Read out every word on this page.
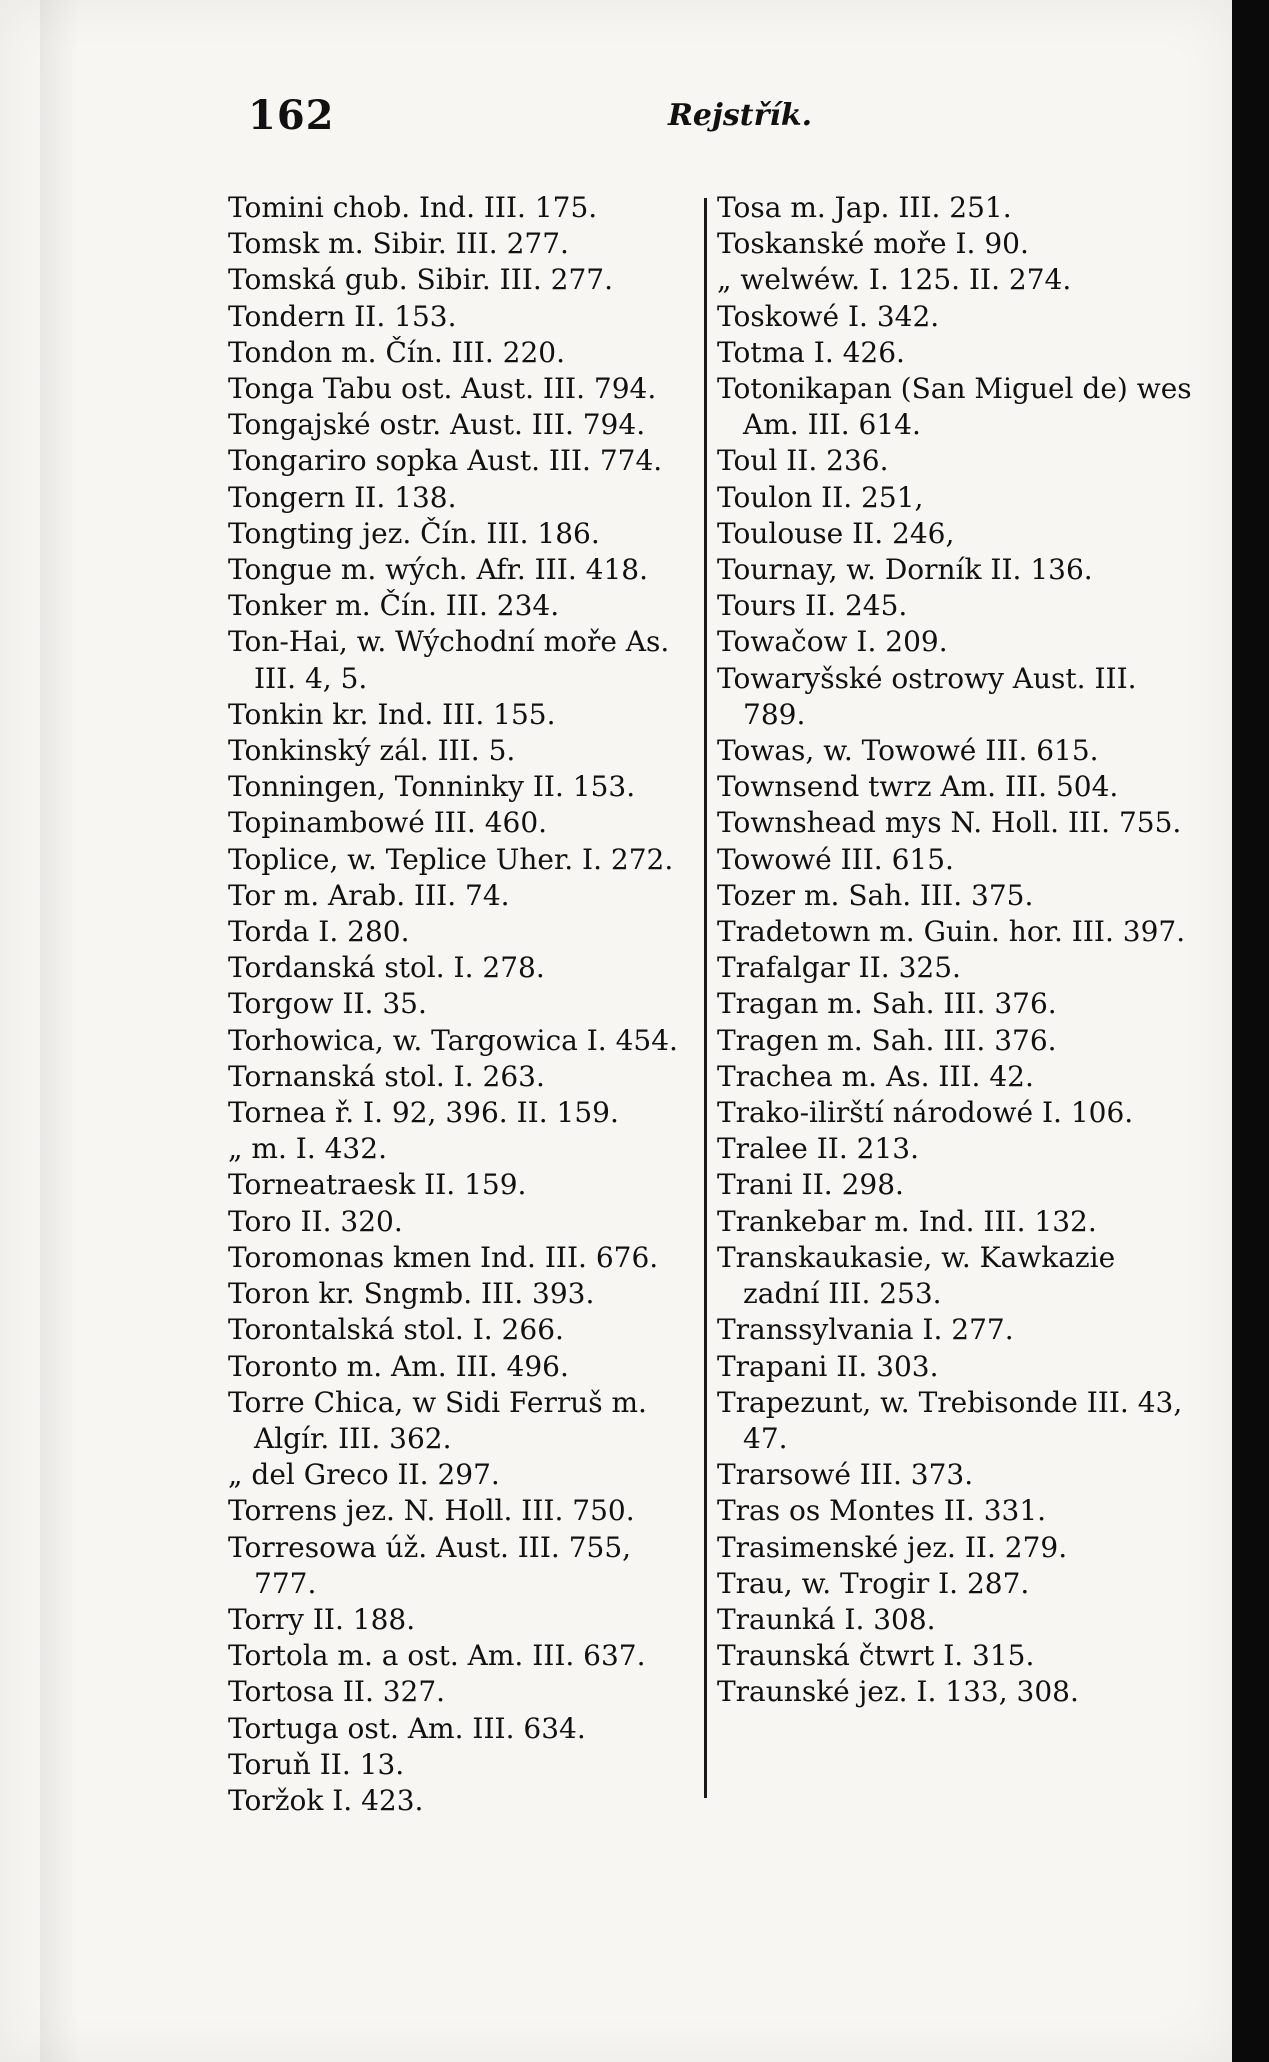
162	Rejstřík.
Tomini chob. Ind. III. 175.
Tomsk m. Sibir. III. 277.
Tomská gub. Sibir. III. 277.
Tondern II. 153.
Tondon m. Čín. III. 220.
Tonga Tabu ost. Aust. III. 794.
Tongajské ostr. Aust. III. 794.
Tongariro sopka Aust. III. 774.
Tongern II. 138.
Tongting jez. Čín. III. 186.
Tongue m. wých. Afr. III. 418.
Tonker m. Čín. III. 234.
Ton-Hai, w. Wýchodní moře As. III. 4, 5.
Tonkin kr. Ind. III. 155.
Tonkinský zál. III. 5.
Tonningen, Tonninky II. 153.
Topinambowé III. 460.
Toplice, w. Teplice Uher. I. 272.
Tor m. Arab. III. 74.
Torda I. 280.
Tordanská stol. I. 278.
Torgow II. 35.
Torhowica, w. Targowica I. 454.
Tornanská stol. I. 263.
Tornea ř. I. 92, 396. II. 159.
„ m. I. 432.
Torneatraesk II. 159.
Toro II. 320.
Toromonas kmen Ind. III. 676.
Toron kr. Sngmb. III. 393.
Torontalská stol. I. 266.
Toronto m. Am. III. 496.
Torre Chica, w Sidi Ferruš m. Algír. III. 362.
„ del Greco II. 297.
Torrens jez. N. Holl. III. 750.
Torresowa úž. Aust. III. 755, 777.
Torry II. 188.
Tortola m. a ost. Am. III. 637.
Tortosa II. 327.
Tortuga ost. Am. III. 634.
Toruň II. 13.
Toržok I. 423.
Tosa m. Jap. III. 251.
Toskanské moře I. 90.
„ welwéw. I. 125. II. 274.
Toskowé I. 342.
Totma I. 426.
Totonikapan (San Miguel de) wes Am. III. 614.
Toul II. 236.
Toulon II. 251,
Toulouse II. 246,
Tournay, w. Dorník II. 136.
Tours II. 245.
Towačow I. 209.
Towaryšské ostrowy Aust. III. 789.
Towas, w. Towowé III. 615.
Townsend twrz Am. III. 504.
Townshead mys N. Holl. III. 755.
Towowé III. 615.
Tozer m. Sah. III. 375.
Tradetown m. Guin. hor. III. 397.
Trafalgar II. 325.
Tragan m. Sah. III. 376.
Tragen m. Sah. III. 376.
Trachea m. As. III. 42.
Trako-ilirští národowé I. 106.
Tralee II. 213.
Trani II. 298.
Trankebar m. Ind. III. 132.
Transkaukasie, w. Kawkazie zadní III. 253.
Transsylvania I. 277.
Trapani II. 303.
Trapezunt, w. Trebisonde III. 43, 47.
Trarsowé III. 373.
Tras os Montes II. 331.
Trasimenské jez. II. 279.
Trau, w. Trogir I. 287.
Traunká I. 308.
Traunská čtwrt I. 315.
Traunské jez. I. 133, 308.
